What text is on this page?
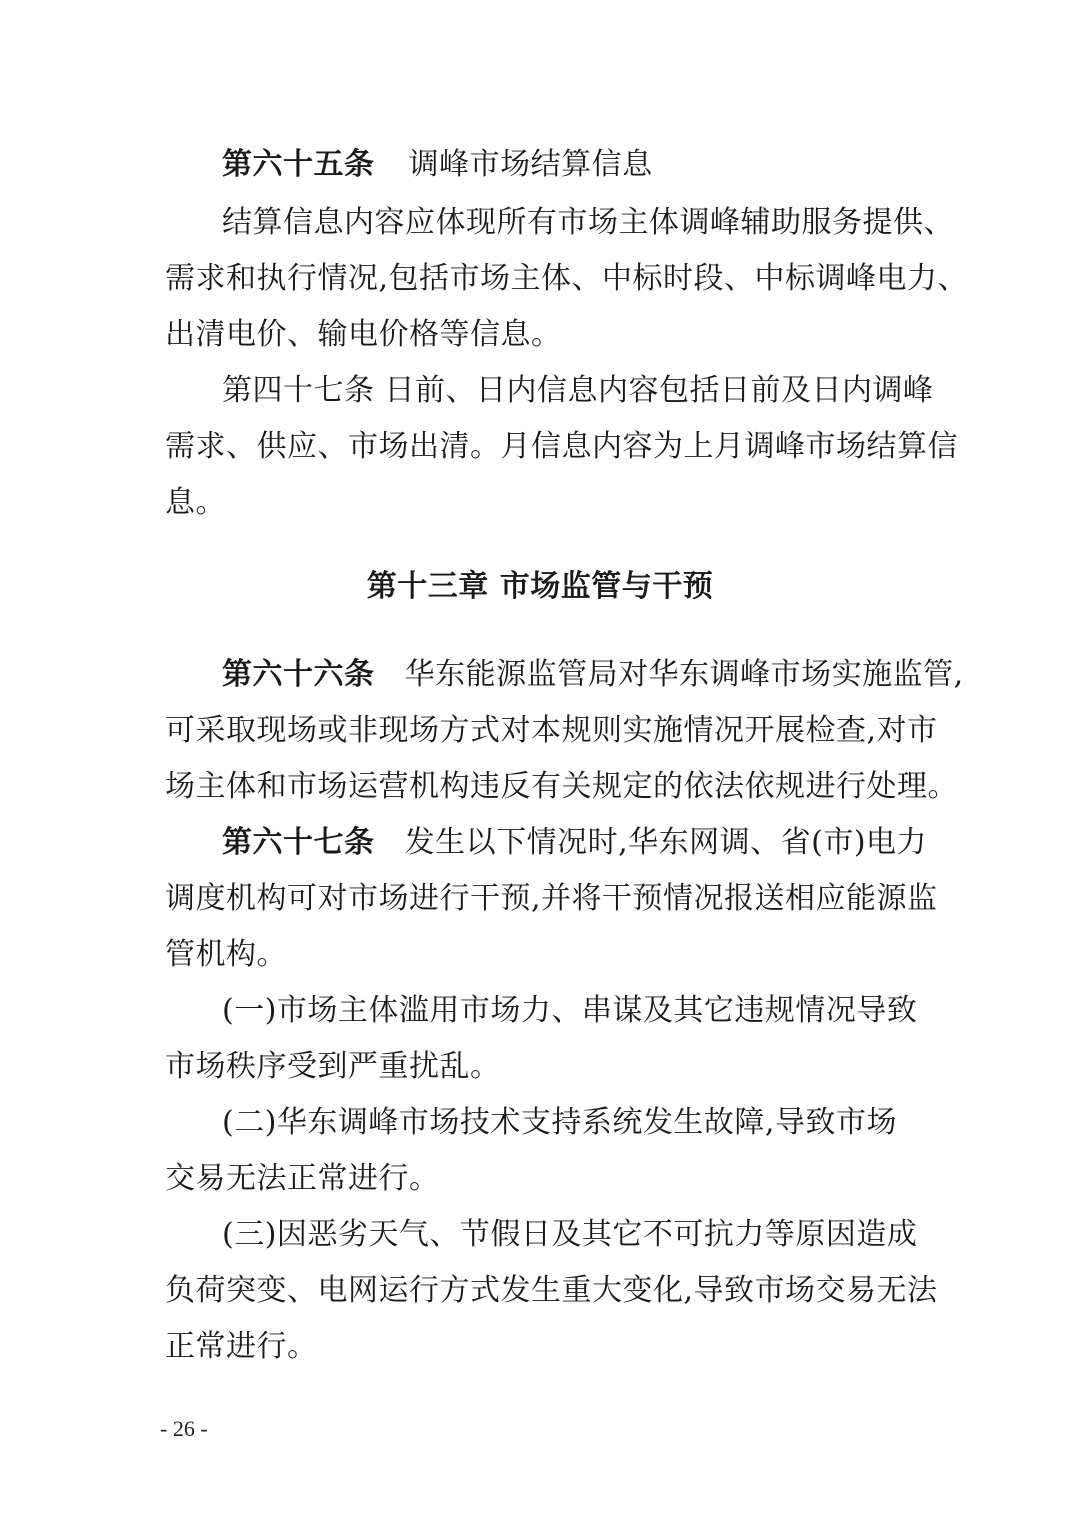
第六十五条 调峰市场结算信息
结算信息内容应体现所有市场主体调峰辅助服务提供、
需求和执行情况,包括市场主体、中标时段、中标调峰电力、
出清电价、输电价格等信息。
第四十七条 日前、日内信息内容包括日前及日内调峰
需求、供应、市场出清。月信息内容为上月调峰市场结算信
息。
第十三章 市场监管与干预
第六十六条 华东能源监管局对华东调峰市场实施监管,
可采取现场或非现场方式对本规则实施情况开展检查,对市
场主体和市场运营机构违反有关规定的依法依规进行处理。
第六十七条 发生以下情况时,华东网调、省(市)电力
调度机构可对市场进行干预,并将干预情况报送相应能源监
管机构。
(一)市场主体滥用市场力、串谋及其它违规情况导致
市场秩序受到严重扰乱。
(二)华东调峰市场技术支持系统发生故障,导致市场
交易无法正常进行。
(三)因恶劣天气、节假日及其它不可抗力等原因造成
负荷突变、电网运行方式发生重大变化,导致市场交易无法
正常进行。
- 26 -
